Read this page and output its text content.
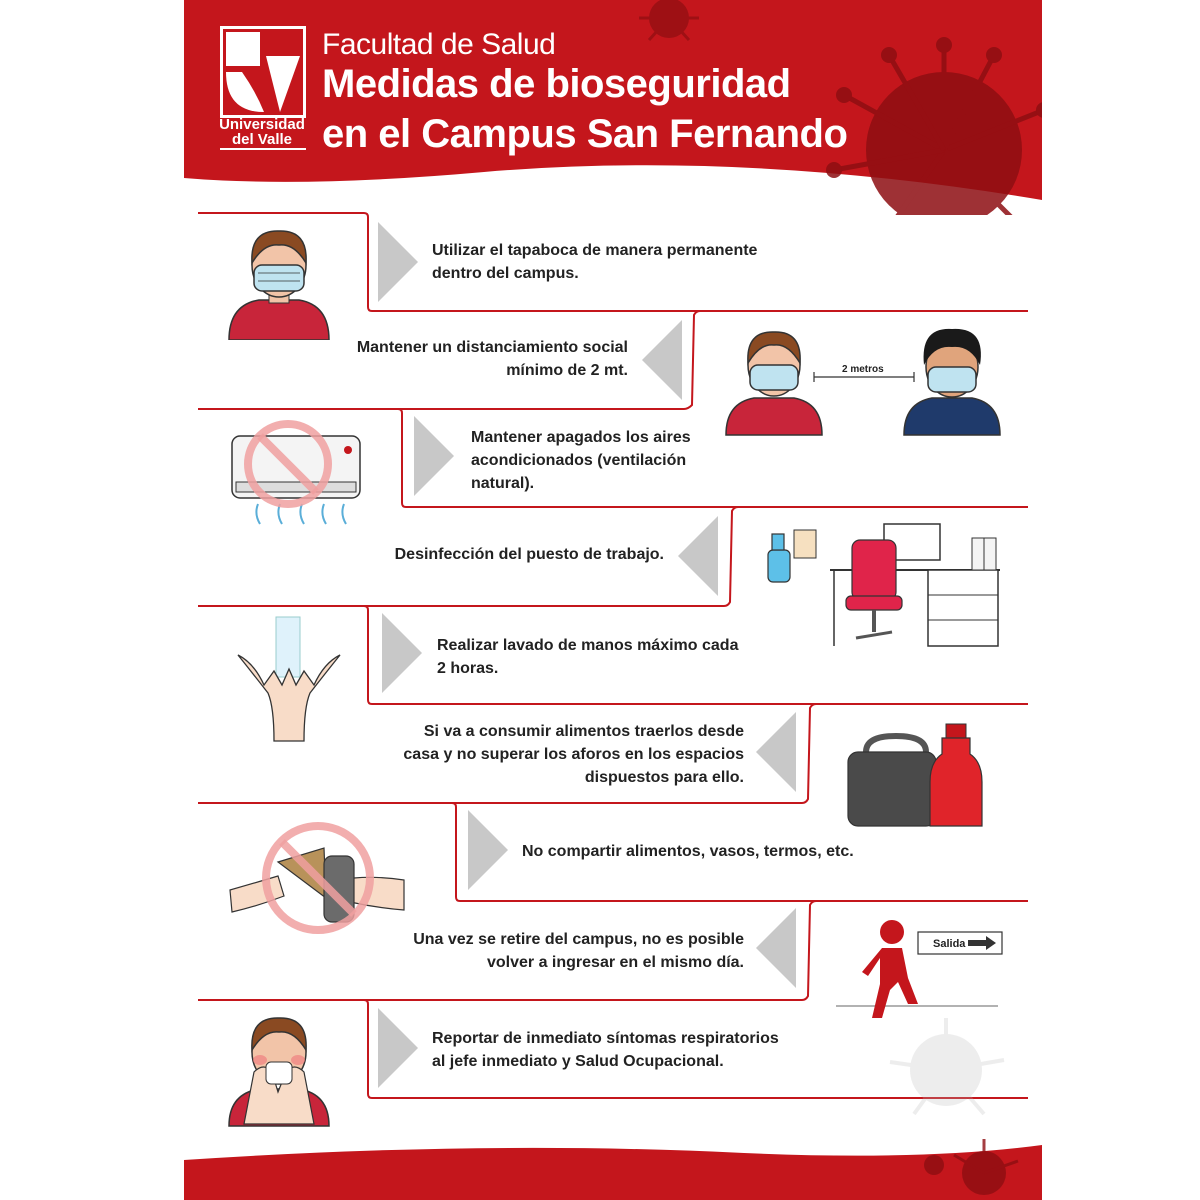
Universidad
del Valle
Facultad de Salud
Medidas de bioseguridad
en el Campus San Fernando
Utilizar el tapaboca de manera permanente
dentro del campus.
Mantener un distanciamiento social
mínimo de 2 mt.
Mantener apagados los aires
acondicionados (ventilación
natural).
Desinfección del puesto de trabajo.
Realizar lavado de manos máximo cada
2 horas.
Si va a consumir alimentos traerlos desde
casa y no superar los aforos en los espacios
dispuestos para ello.
No compartir alimentos, vasos, termos, etc.
Una vez se retire del campus, no es posible
volver a ingresar en el mismo día.
Reportar de inmediato síntomas respiratorios
al jefe inmediato y Salud Ocupacional.
2 metros
Salida
